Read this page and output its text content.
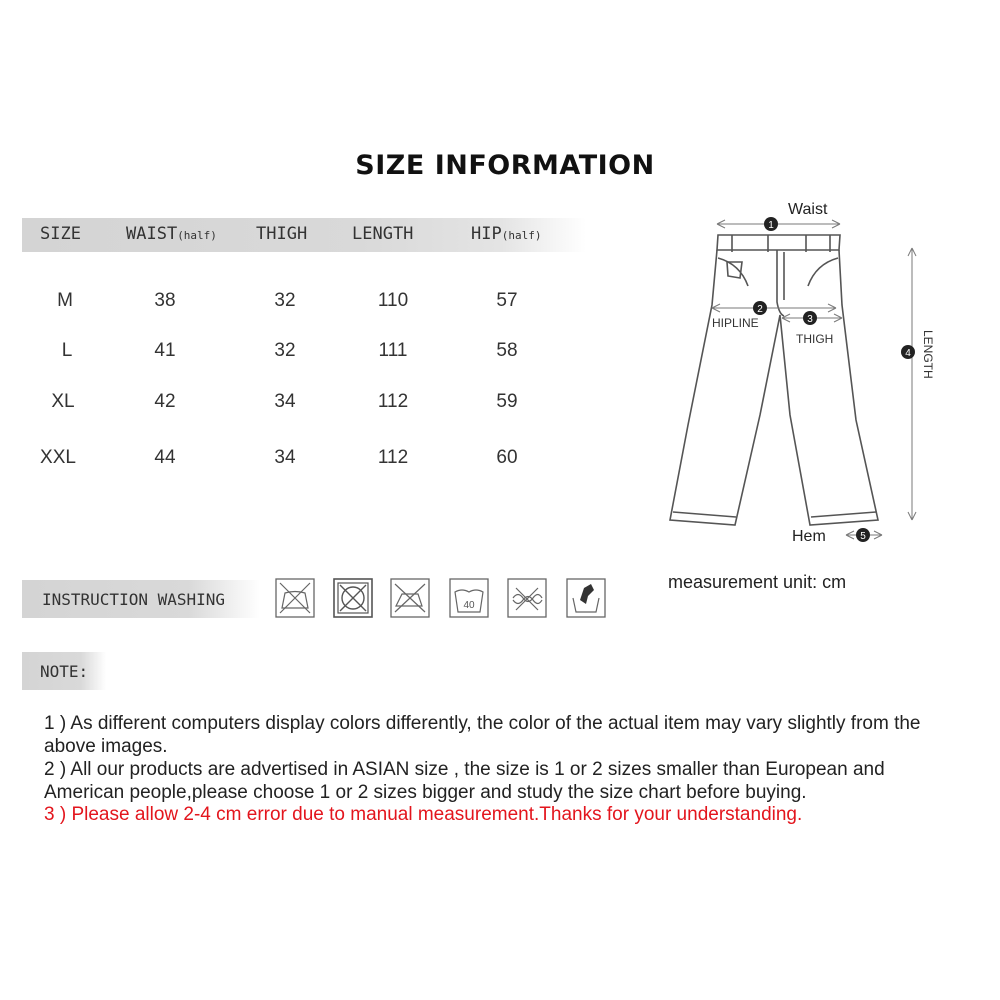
SIZE INFORMATION
SIZE	WAIST(half) THIGH	LENGTH	HIP(half)
M	38	32	110	57
L	41	32	111	58
XL	42	34	112	59
XXL	44	34	112	60
1
2
3
4
5
Waist
HIPLINE
THIGH
Hem
LENGTH
measurement unit: cm
INSTRUCTION WASHING	40
NOTE:
1 ) As different computers display colors differently, the color of the actual item may vary slightly from the
above images.
2 ) All our products are advertised in ASIAN size , the size is 1 or 2 sizes smaller than European and
American people,please choose 1 or 2 sizes bigger and study the size chart before buying.
3 ) Please allow 2-4 cm error due to manual measurement.Thanks for your understanding.
